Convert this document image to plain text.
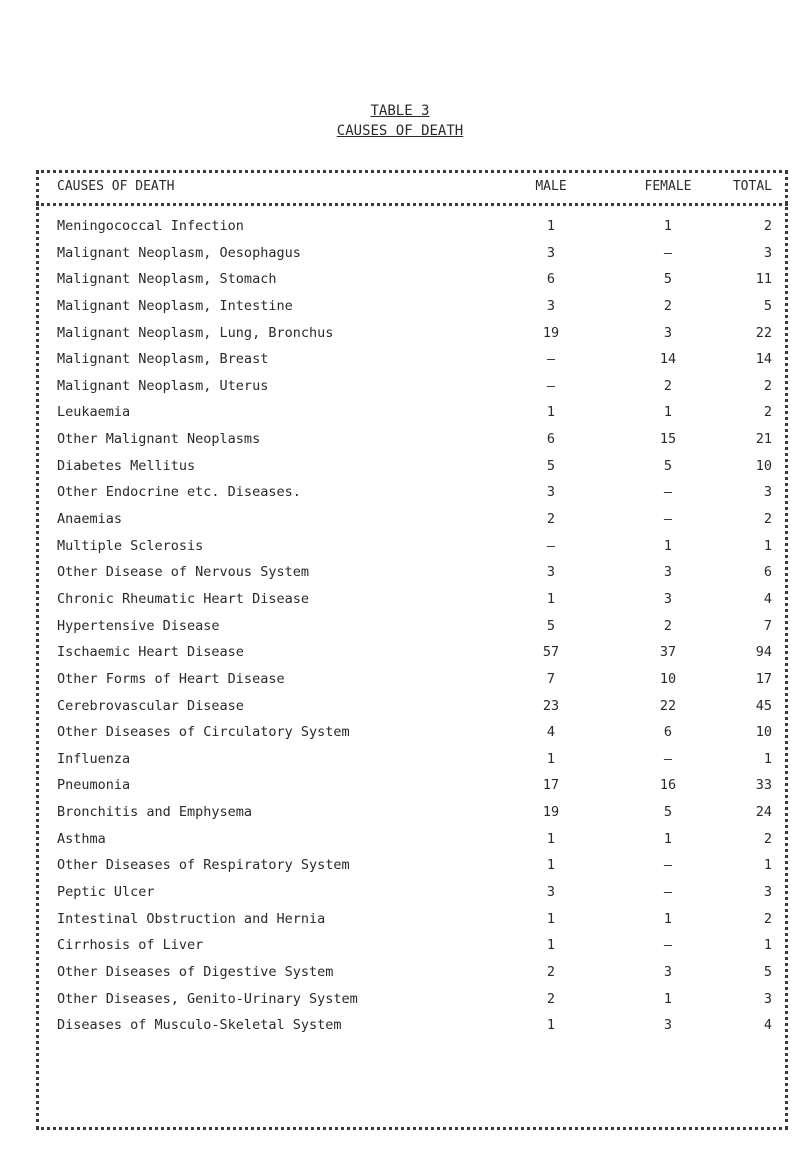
TABLE 3
CAUSES OF DEATH
CAUSES OF DEATH	MALE	FEMALE	TOTAL
Meningococcal Infection	1	1	2
Malignant Neoplasm, Oesophagus	3	–	3
Malignant Neoplasm, Stomach	6	5	11
Malignant Neoplasm, Intestine	3	2	5
Malignant Neoplasm, Lung, Bronchus	19	3	22
Malignant Neoplasm, Breast	–	14	14
Malignant Neoplasm, Uterus	–	2	2
Leukaemia	1	1	2
Other Malignant Neoplasms	6	15	21
Diabetes Mellitus	5	5	10
Other Endocrine etc. Diseases.	3	–	3
Anaemias	2	–	2
Multiple Sclerosis	–	1	1
Other Disease of Nervous System	3	3	6
Chronic Rheumatic Heart Disease	1	3	4
Hypertensive Disease	5	2	7
Ischaemic Heart Disease	57	37	94
Other Forms of Heart Disease	7	10	17
Cerebrovascular Disease	23	22	45
Other Diseases of Circulatory System	4	6	10
Influenza	1	–	1
Pneumonia	17	16	33
Bronchitis and Emphysema	19	5	24
Asthma	1	1	2
Other Diseases of Respiratory System	1	–	1
Peptic Ulcer	3	–	3
Intestinal Obstruction and Hernia	1	1	2
Cirrhosis of Liver	1	–	1
Other Diseases of Digestive System	2	3	5
Other Diseases, Genito-Urinary System	2	1	3
Diseases of Musculo-Skeletal System	1	3	4
